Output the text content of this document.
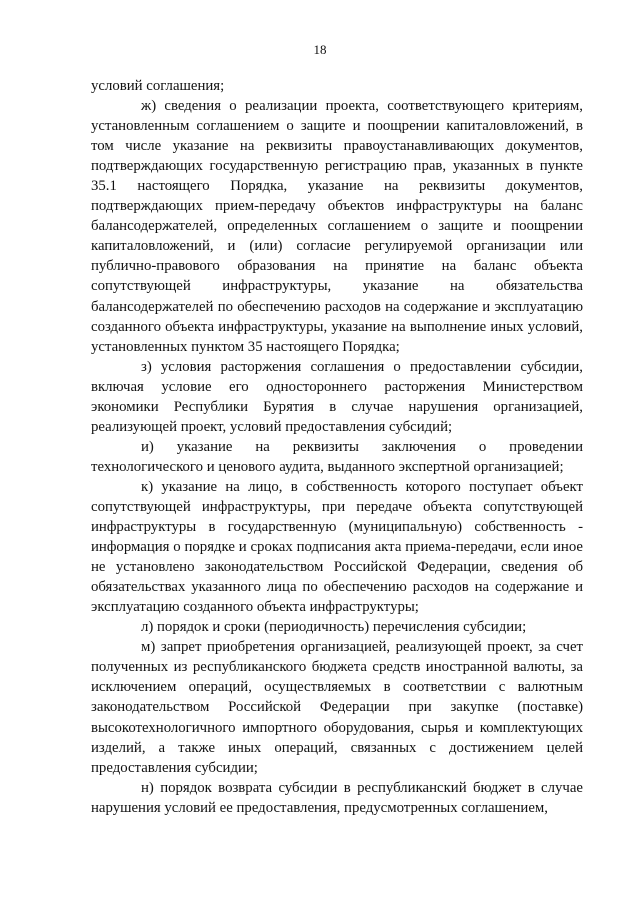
18

условий соглашения;

ж) сведения о реализации проекта, соответствующего критериям, установленным соглашением о защите и поощрении капиталовложений, в том числе указание на реквизиты правоустанавливающих документов, подтверждающих государственную регистрацию прав, указанных в пункте 35.1 настоящего Порядка, указание на реквизиты документов, подтверждающих прием-передачу объектов инфраструктуры на баланс балансодержателей, определенных соглашением о защите и поощрении капиталовложений, и (или) согласие регулируемой организации или публично-правового образования на принятие на баланс объекта сопутствующей инфраструктуры, указание на обязательства балансодержателей по обеспечению расходов на содержание и эксплуатацию созданного объекта инфраструктуры, указание на выполнение иных условий, установленных пунктом 35 настоящего Порядка;

з) условия расторжения соглашения о предоставлении субсидии, включая условие его одностороннего расторжения Министерством экономики Республики Бурятия в случае нарушения организацией, реализующей проект, условий предоставления субсидий;

и) указание на реквизиты заключения о проведении технологического и ценового аудита, выданного экспертной организацией;

к) указание на лицо, в собственность которого поступает объект сопутствующей инфраструктуры, при передаче объекта сопутствующей инфраструктуры в государственную (муниципальную) собственность - информация о порядке и сроках подписания акта приема-передачи, если иное не установлено законодательством Российской Федерации, сведения об обязательствах указанного лица по обеспечению расходов на содержание и эксплуатацию созданного объекта инфраструктуры;

л) порядок и сроки (периодичность) перечисления субсидии;

м) запрет приобретения организацией, реализующей проект, за счет полученных из республиканского бюджета средств иностранной валюты, за исключением операций, осуществляемых в соответствии с валютным законодательством Российской Федерации при закупке (поставке) высокотехнологичного импортного оборудования, сырья и комплектующих изделий, а также иных операций, связанных с достижением целей предоставления субсидии;

н) порядок возврата субсидии в республиканский бюджет в случае нарушения условий ее предоставления, предусмотренных соглашением,
